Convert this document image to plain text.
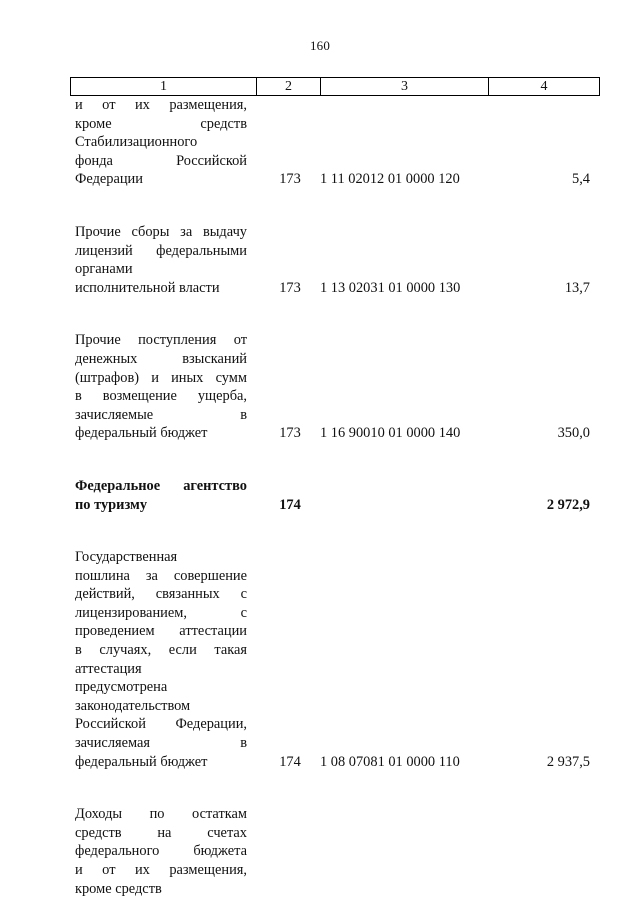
160
1	2	3	4
и от их размещения,
кроме средств
Стабилизационного
фонда Российской
Федерации	173 1 11 02012 01 0000 120	5,4
Прочие сборы за выдачу
лицензий федеральными
органами
исполнительной власти	173 1 13 02031 01 0000 130	13,7
Прочие поступления от
денежных взысканий
(штрафов) и иных сумм
в возмещение ущерба,
зачисляемые в
федеральный бюджет	173 1 16 90010 01 0000 140	350,0
Федеральное агентство
по туризму	174	2 972,9
Государственная
пошлина за совершение
действий, связанных с
лицензированием, с
проведением аттестации
в случаях, если такая
аттестация
предусмотрена
законодательством
Российской Федерации,
зачисляемая в
федеральный бюджет	174 1 08 07081 01 0000 110	2 937,5
Доходы по остаткам
средств на счетах
федерального бюджета
и от их размещения,
кроме средств
